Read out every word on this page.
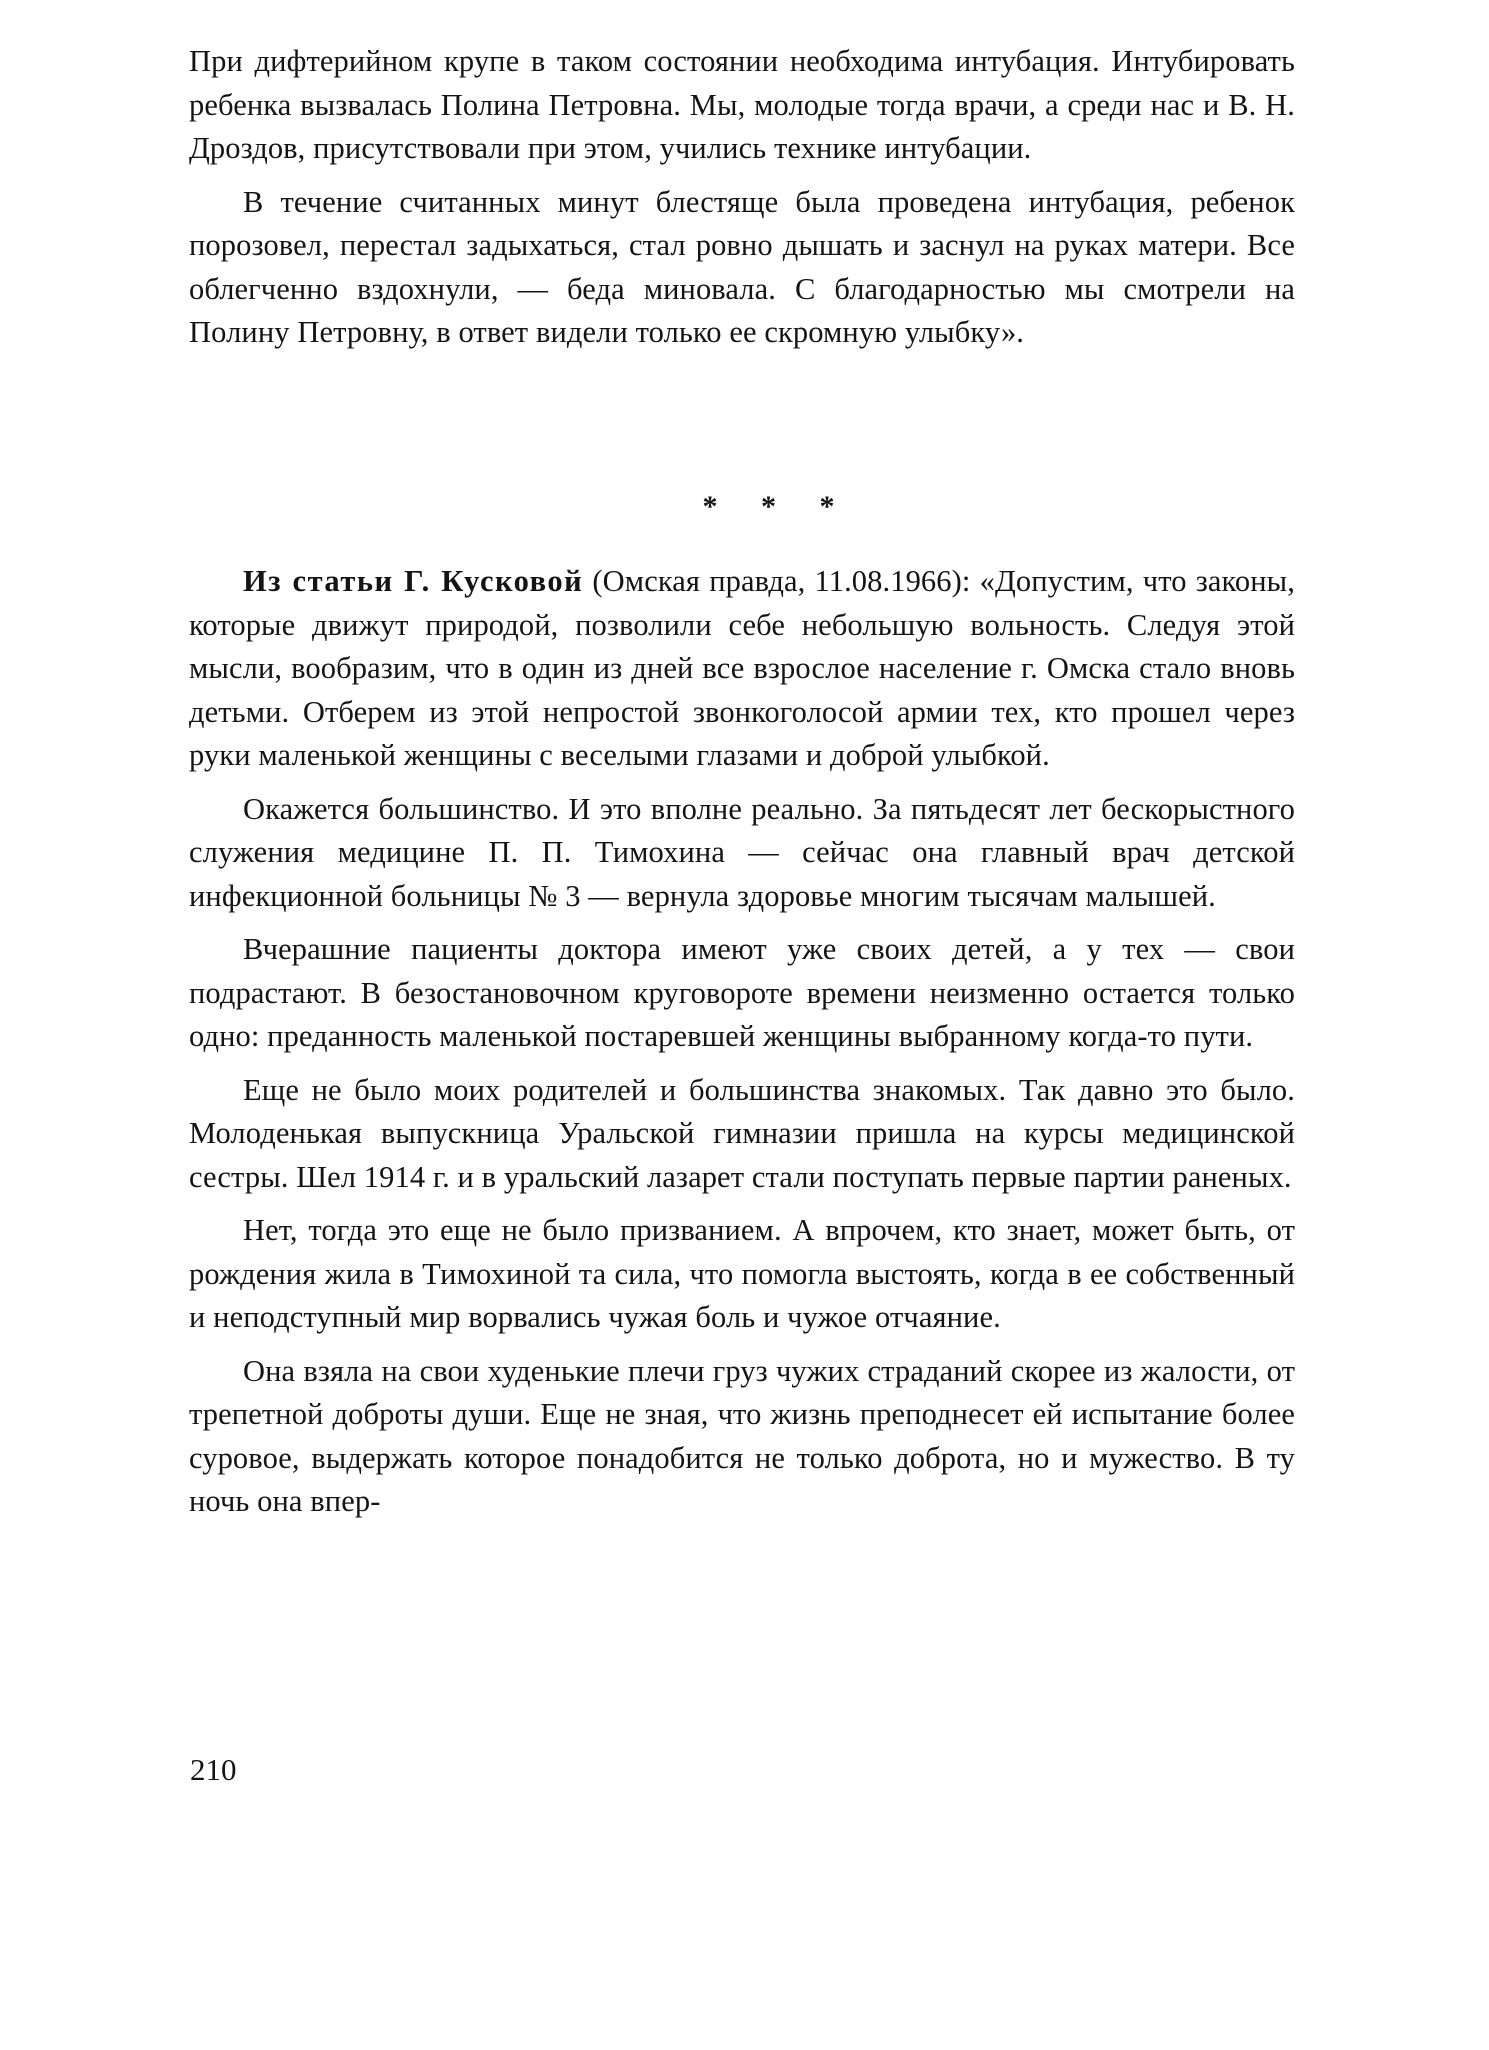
При дифтерийном крупе в таком состоянии необходима интубация. Интубировать ребенка вызвалась Полина Петровна. Мы, молодые тогда врачи, а среди нас и В. Н. Дроздов, присутствовали при этом, учились технике интубации.

В течение считанных минут блестяще была проведена интубация, ребенок порозовел, перестал задыхаться, стал ровно дышать и заснул на руках матери. Все облегченно вздохнули, — беда миновала. С благодарностью мы смотрели на Полину Петровну, в ответ видели только ее скромную улыбку».

* * *

Из статьи Г. Кусковой (Омская правда, 11.08.1966): «Допустим, что законы, которые движут природой, позволили себе небольшую вольность. Следуя этой мысли, вообразим, что в один из дней все взрослое население г. Омска стало вновь детьми. Отберем из этой непростой звонкоголосой армии тех, кто прошел через руки маленькой женщины с веселыми глазами и доброй улыбкой.

Окажется большинство. И это вполне реально. За пятьдесят лет бескорыстного служения медицине П. П. Тимохина — сейчас она главный врач детской инфекционной больницы № 3 — вернула здоровье многим тысячам малышей.

Вчерашние пациенты доктора имеют уже своих детей, а у тех — свои подрастают. В безостановочном круговороте времени неизменно остается только одно: преданность маленькой постаревшей женщины выбранному когда-то пути.

Еще не было моих родителей и большинства знакомых. Так давно это было. Молоденькая выпускница Уральской гимназии пришла на курсы медицинской сестры. Шел 1914 г. и в уральский лазарет стали поступать первые партии раненых.

Нет, тогда это еще не было призванием. А впрочем, кто знает, может быть, от рождения жила в Тимохиной та сила, что помогла выстоять, когда в ее собственный и неподступный мир ворвались чужая боль и чужое отчаяние.

Она взяла на свои худенькие плечи груз чужих страданий скорее из жалости, от трепетной доброты души. Еще не зная, что жизнь преподнесет ей испытание более суровое, выдержать которое понадобится не только доброта, но и мужество. В ту ночь она впер-

210
